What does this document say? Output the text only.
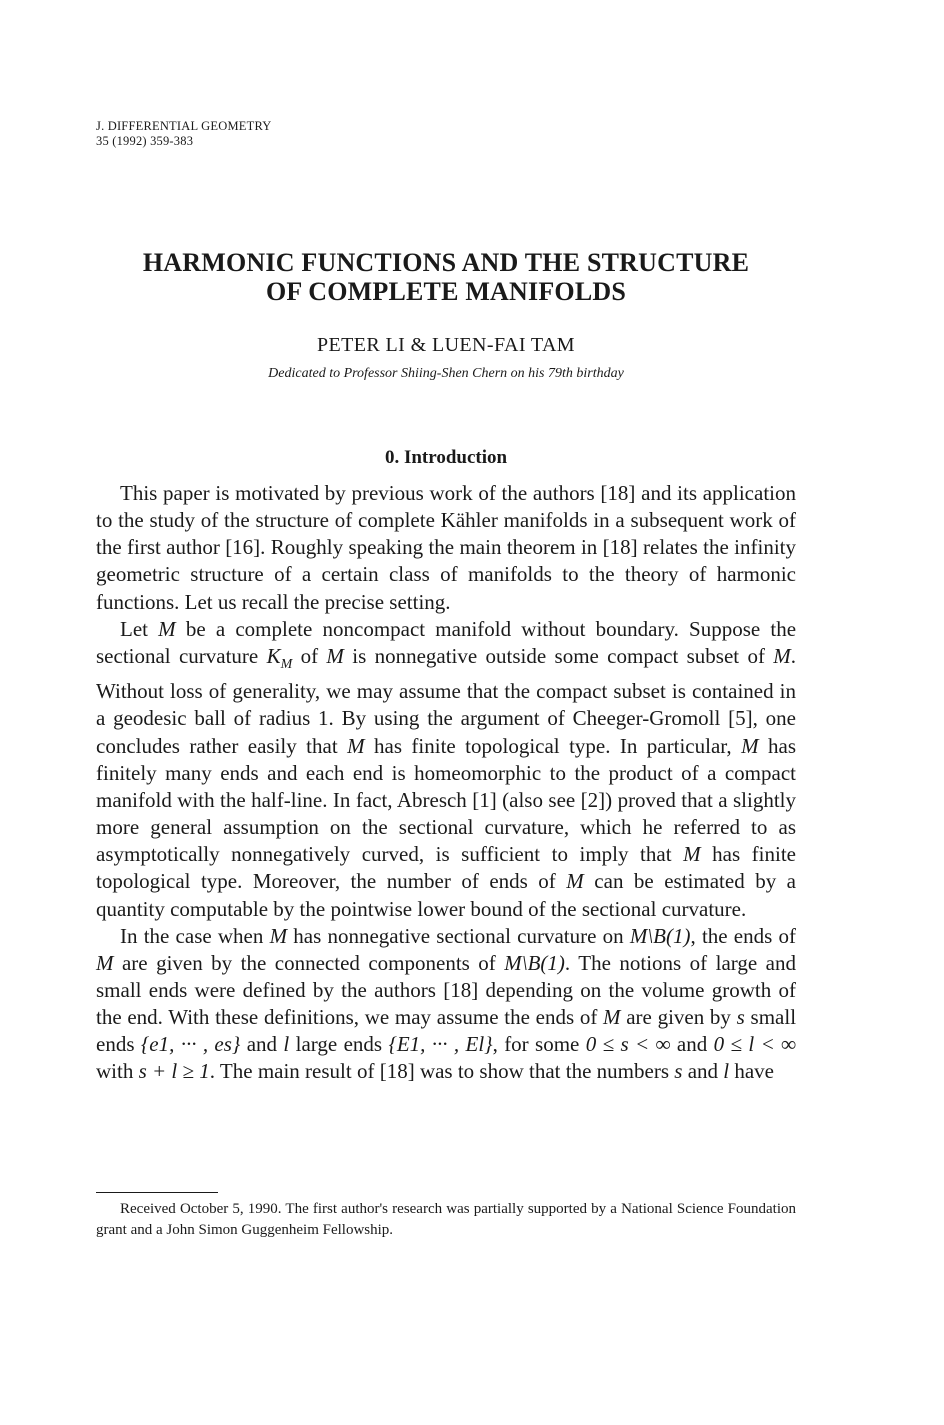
J. DIFFERENTIAL GEOMETRY
35 (1992) 359-383
HARMONIC FUNCTIONS AND THE STRUCTURE
OF COMPLETE MANIFOLDS
PETER LI & LUEN-FAI TAM
Dedicated to Professor Shiing-Shen Chern on his 79th birthday
0. Introduction

This paper is motivated by previous work of the authors [18] and its application to the study of the structure of complete Kähler manifolds in a subsequent work of the first author [16]. Roughly speaking the main theorem in [18] relates the infinity geometric structure of a certain class of manifolds to the theory of harmonic functions. Let us recall the precise setting.

Let M be a complete noncompact manifold without boundary. Suppose the sectional curvature $K_M$ of M is nonnegative outside some compact subset of M. Without loss of generality, we may assume that the compact subset is contained in a geodesic ball of radius 1. By using the argument of Cheeger-Gromoll [5], one concludes rather easily that M has finite topological type. In particular, M has finitely many ends and each end is homeomorphic to the product of a compact manifold with the half-line. In fact, Abresch [1] (also see [2]) proved that a slightly more general assumption on the sectional curvature, which he referred to as asymptotically nonnegatively curved, is sufficient to imply that M has finite topological type. Moreover, the number of ends of M can be estimated by a quantity computable by the pointwise lower bound of the sectional curvature.

In the case when M has nonnegative sectional curvature on M\B(1), the ends of M are given by the connected components of M\B(1). The notions of large and small ends were defined by the authors [18] depending on the volume growth of the end. With these definitions, we may assume the ends of M are given by s small ends {e1, ··· , es} and l large ends {E1, ··· , El}, for some 0 ≤ s < ∞ and 0 ≤ l < ∞ with s + l ≥ 1. The main result of [18] was to show that the numbers s and l have

Received October 5, 1990. The first author's research was partially supported by a National Science Foundation grant and a John Simon Guggenheim Fellowship.
